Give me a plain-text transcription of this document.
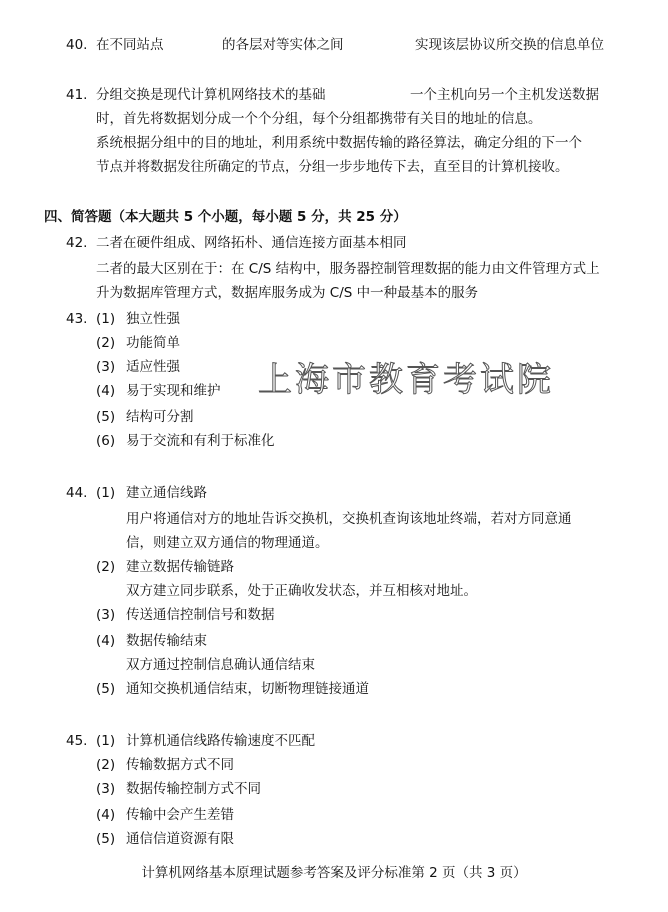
40. 在不同站点	的各层对等实体之间	实现该层协议所交换的信息单位
41. 分组交换是现代计算机网络技术的基础	一个主机向另一个主机发送数据
时，首先将数据划分成一个个分组，每个分组都携带有关目的地址的信息。
系统根据分组中的目的地址，利用系统中数据传输的路径算法，确定分组的下一个
节点并将数据发往所确定的节点，分组一步步地传下去，直至目的计算机接收。
四、简答题（本大题共 5 个小题，每小题 5 分，共 25 分）
42. 二者在硬件组成、网络拓朴、通信连接方面基本相同
二者的最大区别在于：在 C/S 结构中，服务器控制管理数据的能力由文件管理方式上
升为数据库管理方式，数据库服务成为 C/S 中一种最基本的服务
43. (1) 独立性强
(2) 功能简单
(3) 适应性强
(4) 易于实现和维护
(5) 结构可分割
(6) 易于交流和有利于标准化
上海市教育考试院
44. (1) 建立通信线路
用户将通信对方的地址告诉交换机，交换机查询该地址终端，若对方同意通
信，则建立双方通信的物理通道。
(2) 建立数据传输链路
双方建立同步联系，处于正确收发状态，并互相核对地址。
(3) 传送通信控制信号和数据
(4) 数据传输结束
双方通过控制信息确认通信结束
(5) 通知交换机通信结束，切断物理链接通道
45. (1) 计算机通信线路传输速度不匹配
(2) 传输数据方式不同
(3) 数据传输控制方式不同
(4) 传输中会产生差错
(5) 通信信道资源有限
计算机网络基本原理试题参考答案及评分标准第 2 页（共 3 页）
